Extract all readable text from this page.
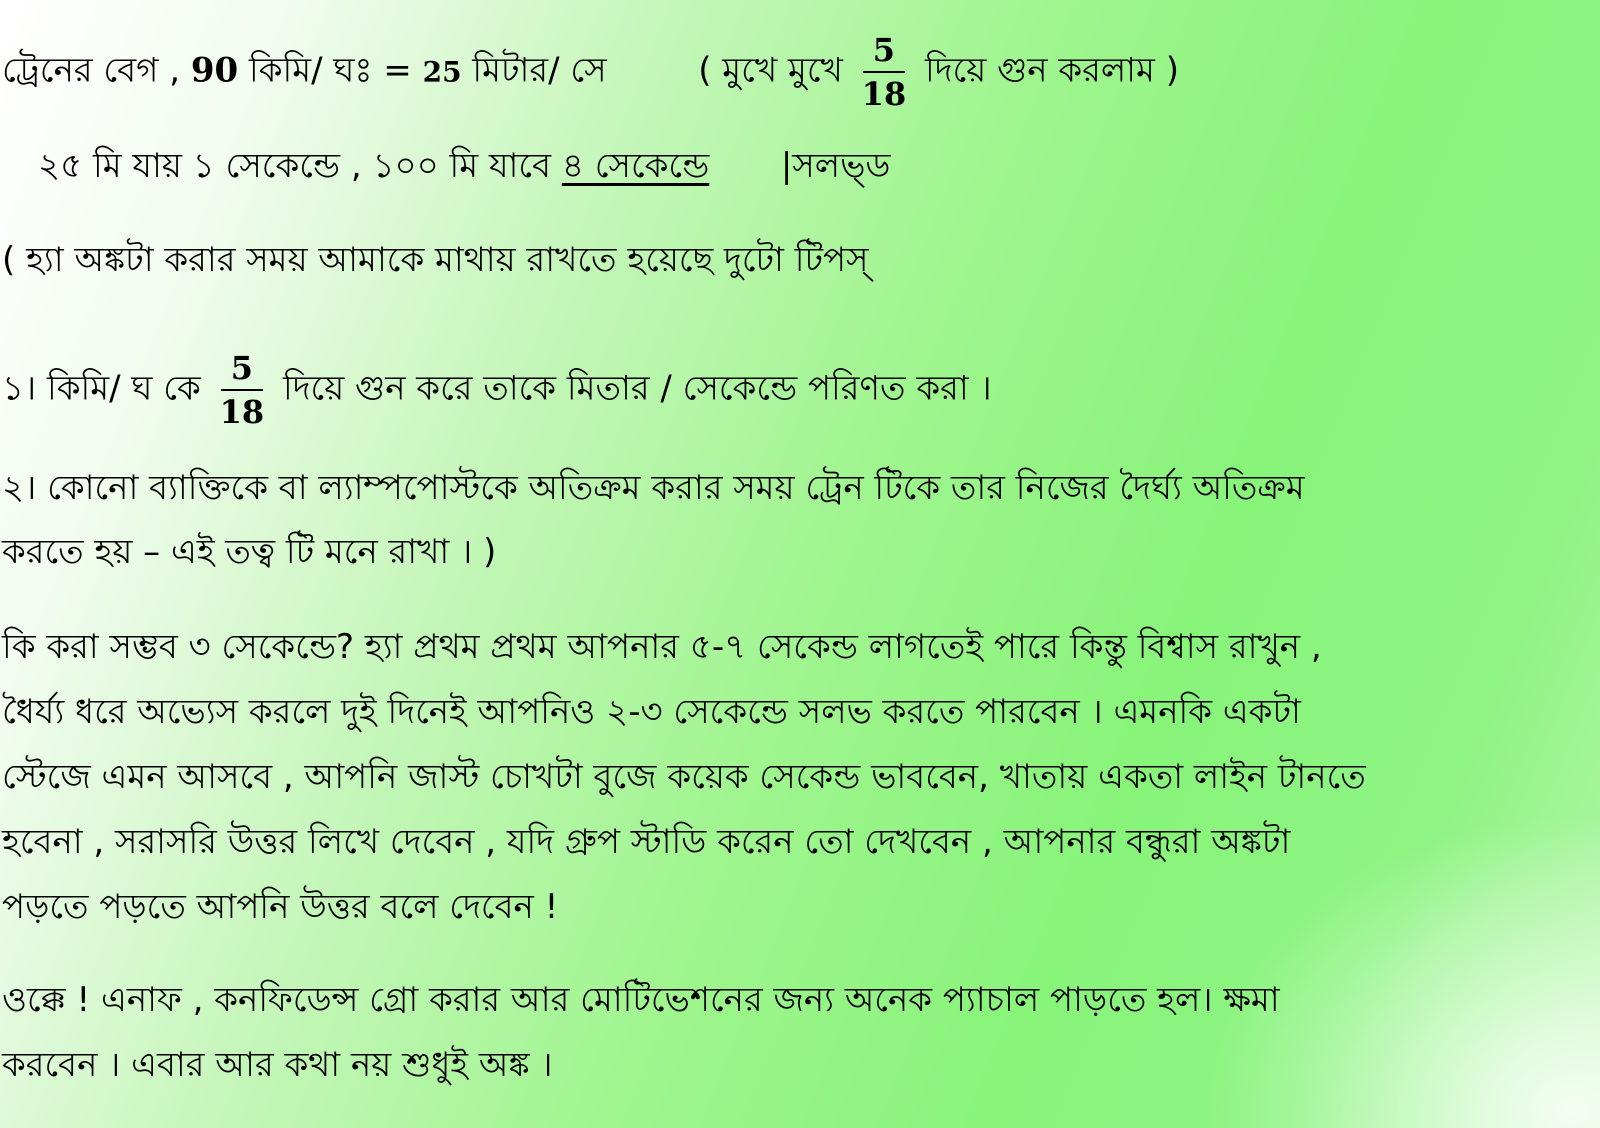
ট্রেনের বেগ , 90 কিমি/ ঘঃ = 25 মিটার/ সে	( মুখে মুখে $\frac{5}{18}$ দিয়ে গুন করলাম )
২৫ মি যায় ১ সেকেন্ডে , ১০০ মি যাবে ৪ সেকেন্ডে |সলভ্‌ড
( হ্যা অঙ্কটা করার সময় আমাকে মাথায় রাখতে হয়েছে দুটো টিপস্‌
১। কিমি/ ঘ কে $\frac{5}{18}$ দিয়ে গুন করে তাকে মিতার / সেকেন্ডে পরিণত করা ।
২। কোনো ব্যাক্তিকে বা ল্যাম্পপোস্টকে অতিক্রম করার সময় ট্রেন টিকে তার নিজের দৈর্ঘ্য অতিক্রম
করতে হয় – এই তত্ব টি মনে রাখা । )
কি করা সম্ভব ৩ সেকেন্ডে? হ্যা প্রথম প্রথম আপনার ৫-৭ সেকেন্ড লাগতেই পারে কিন্তু বিশ্বাস রাখুন ,
ধৈর্য্য ধরে অভ্যেস করলে দুই দিনেই আপনিও ২-৩ সেকেন্ডে সলভ করতে পারবেন । এমনকি একটা
স্টেজে এমন আসবে , আপনি জাস্ট চোখটা বুজে কয়েক সেকেন্ড ভাববেন, খাতায় একতা লাইন টানতে
হবেনা , সরাসরি উত্তর লিখে দেবেন , যদি গ্রুপ স্টাডি করেন তো দেখবেন , আপনার বন্ধুরা অঙ্কটা
পড়তে পড়তে আপনি উত্তর বলে দেবেন !
ওক্কে ! এনাফ , কনফিডেন্স গ্রো করার আর মোটিভেশনের জন্য অনেক প্যাচাল পাড়তে হল। ক্ষমা
করবেন । এবার আর কথা নয় শুধুই অঙ্ক ।
